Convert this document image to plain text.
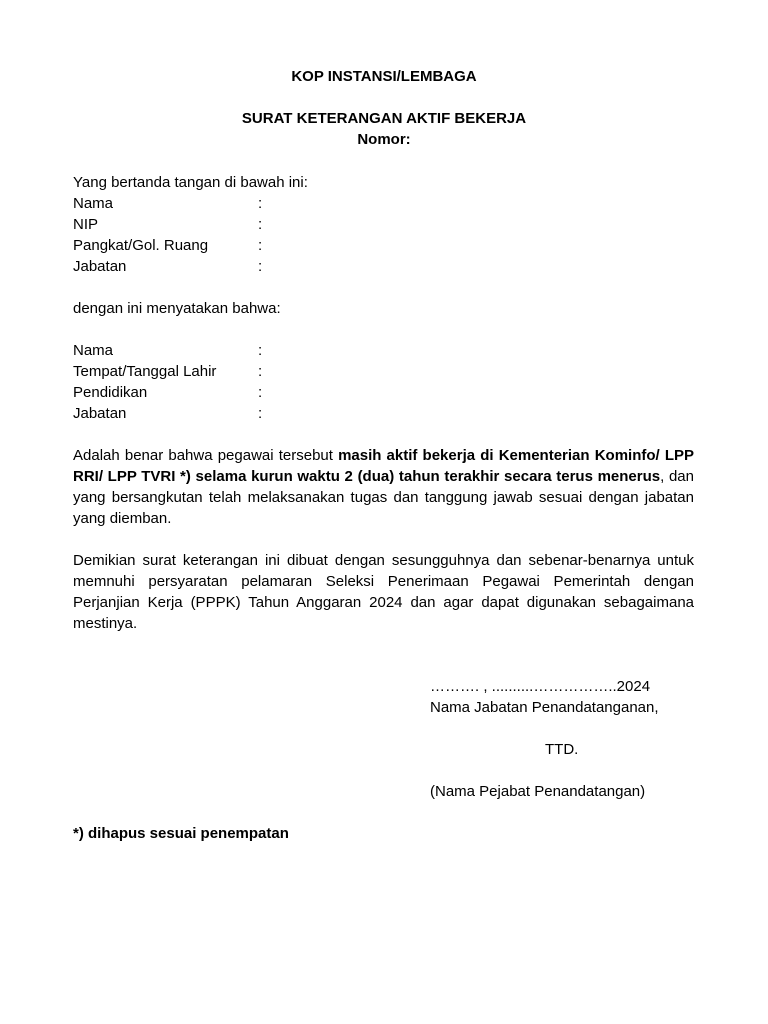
KOP INSTANSI/LEMBAGA
SURAT KETERANGAN AKTIF BEKERJA
Nomor:
Yang bertanda tangan di bawah ini:
Nama	:
NIP	:
Pangkat/Gol. Ruang	:
Jabatan	:
dengan ini menyatakan bahwa:
Nama	:
Tempat/Tanggal Lahir	:
Pendidikan	:
Jabatan	:
Adalah benar bahwa pegawai tersebut masih aktif bekerja di Kementerian Kominfo/ LPP RRI/ LPP TVRI *) selama kurun waktu 2 (dua) tahun terakhir secara terus menerus, dan yang bersangkutan telah melaksanakan tugas dan tanggung jawab sesuai dengan jabatan yang diemban.
Demikian surat keterangan ini dibuat dengan sesungguhnya dan sebenar-benarnya untuk memnuhi persyaratan pelamaran Seleksi Penerimaan Pegawai Pemerintah dengan Perjanjian Kerja (PPPK) Tahun Anggaran 2024 dan agar dapat digunakan sebagaimana mestinya.
………. , ..........……………..2024
Nama Jabatan Penandatanganan,
TTD.
(Nama Pejabat Penandatangan)
*) dihapus sesuai penempatan
